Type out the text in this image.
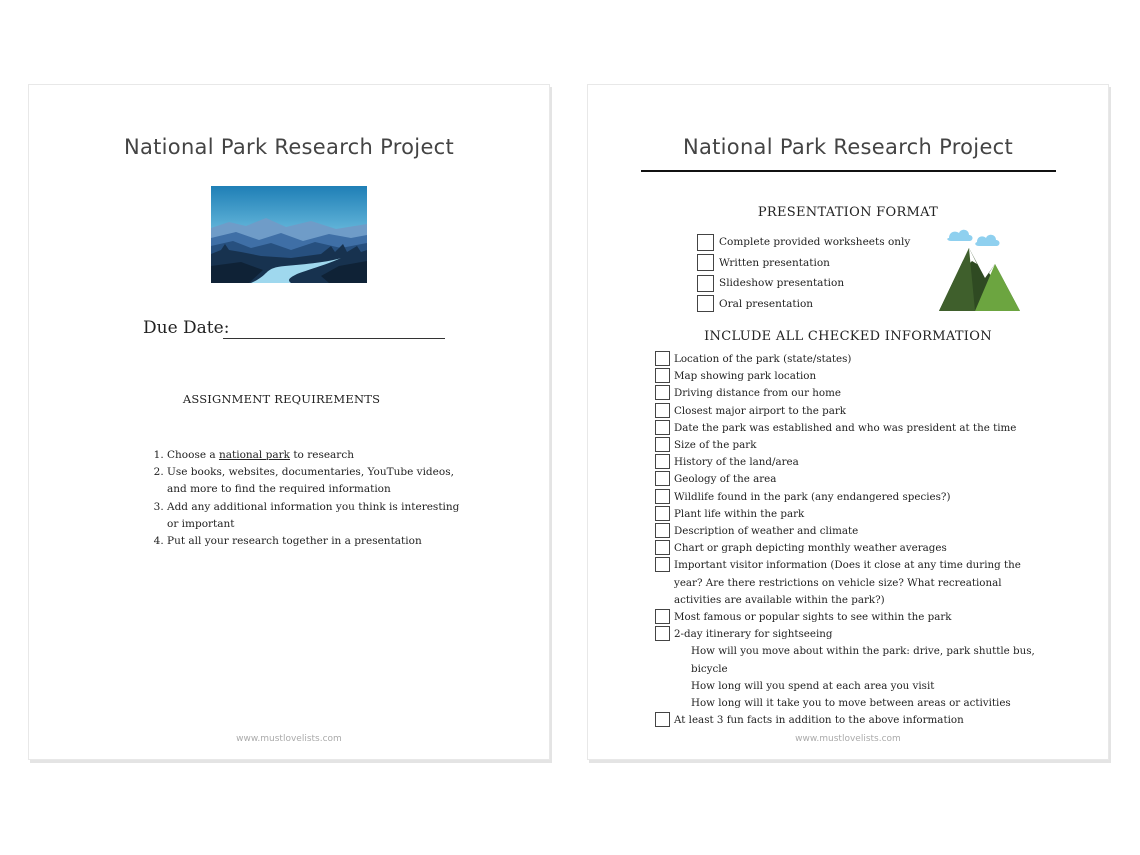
National Park Research Project
Due Date:
ASSIGNMENT REQUIREMENTS
1. Choose a national park to research
2. Use books, websites, documentaries, YouTube videos, and more to find the required information
3. Add any additional information you think is interesting or important
4. Put all your research together in a presentation
www.mustlovelists.com
National Park Research Project
PRESENTATION FORMAT
Complete provided worksheets only
Written presentation
Slideshow presentation
Oral presentation
INCLUDE ALL CHECKED INFORMATION
Location of the park (state/states)
Map showing park location
Driving distance from our home
Closest major airport to the park
Date the park was established and who was president at the time
Size of the park
History of the land/area
Geology of the area
Wildlife found in the park (any endangered species?)
Plant life within the park
Description of weather and climate
Chart or graph depicting monthly weather averages
Important visitor information (Does it close at any time during the year? Are there restrictions on vehicle size? What recreational activities are available within the park?)
Most famous or popular sights to see within the park
2-day itinerary for sightseeing
How will you move about within the park: drive, park shuttle bus, bicycle
How long will you spend at each area you visit
How long will it take you to move between areas or activities
At least 3 fun facts in addition to the above information
www.mustlovelists.com
